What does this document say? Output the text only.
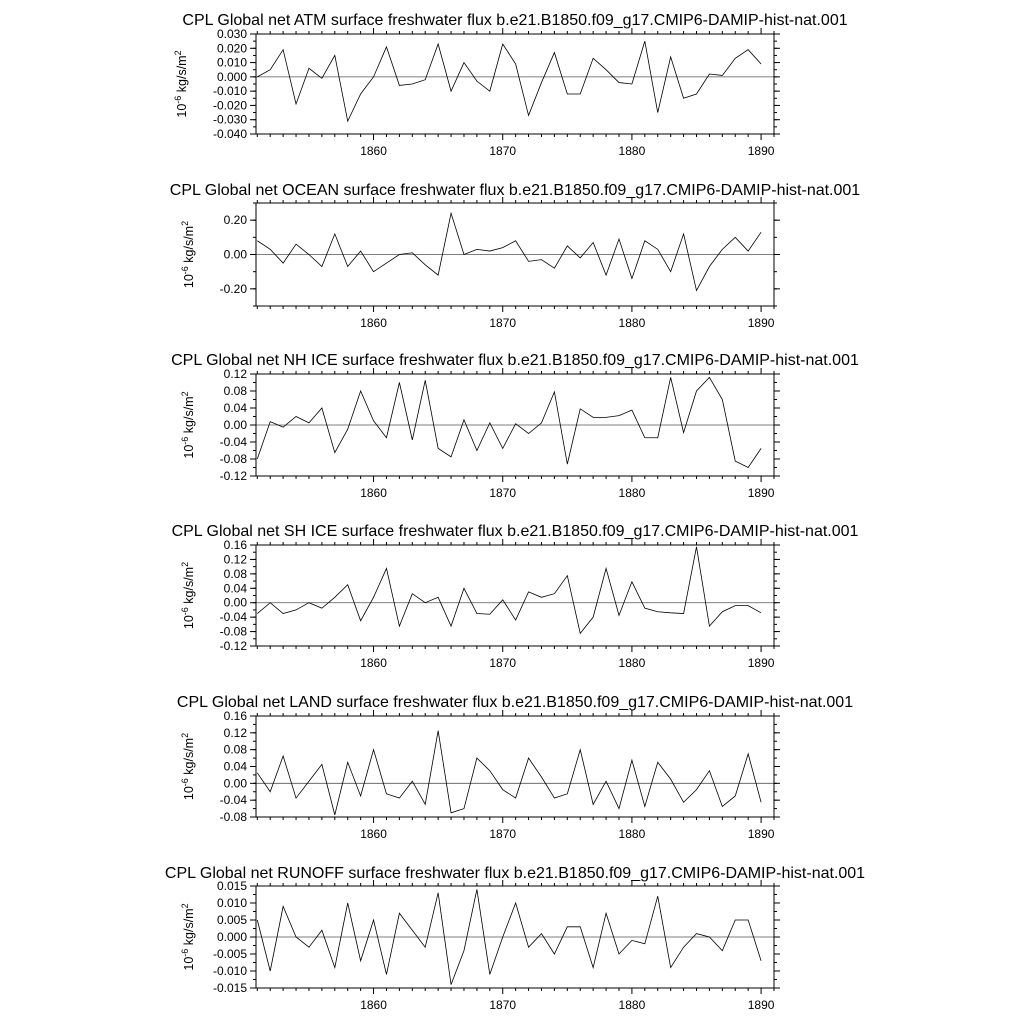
CPL Global net ATM surface freshwater flux b.e21.B1850.f09_g17.CMIP6-DAMIP-hist-nat.001
1860	1870	1880	1890
-0.040
-0.030
-0.020
-0.010
0.000
0.010
0.020
0.030
$10^{-6}$ $kg/s/m^2$
CPL Global net OCEAN surface freshwater flux b.e21.B1850.f09_g17.CMIP6-DAMIP-hist-nat.001
1860	1870	1880	1890
-0.20
0.00
0.20
$10^{-6}$ $kg/s/m^2$
CPL Global net NH ICE surface freshwater flux b.e21.B1850.f09_g17.CMIP6-DAMIP-hist-nat.001
1860	1870	1880	1890
-0.12
-0.08
-0.04
0.00
0.04
0.08
0.12
$10^{-6}$ $kg/s/m^2$
CPL Global net SH ICE surface freshwater flux b.e21.B1850.f09_g17.CMIP6-DAMIP-hist-nat.001
1860	1870	1880	1890
-0.12
-0.08
-0.04
0.00
0.04
0.08
0.12
0.16
$10^{-6}$ $kg/s/m^2$
CPL Global net LAND surface freshwater flux b.e21.B1850.f09_g17.CMIP6-DAMIP-hist-nat.001
1860	1870	1880	1890
-0.08
-0.04
0.00
0.04
0.08
0.12
0.16
$10^{-6}$ $kg/s/m^2$
CPL Global net RUNOFF surface freshwater flux b.e21.B1850.f09_g17.CMIP6-DAMIP-hist-nat.001
1860	1870	1880	1890
-0.015
-0.010
-0.005
0.000
0.005
0.010
0.015
$10^{-6}$ $kg/s/m^2$
